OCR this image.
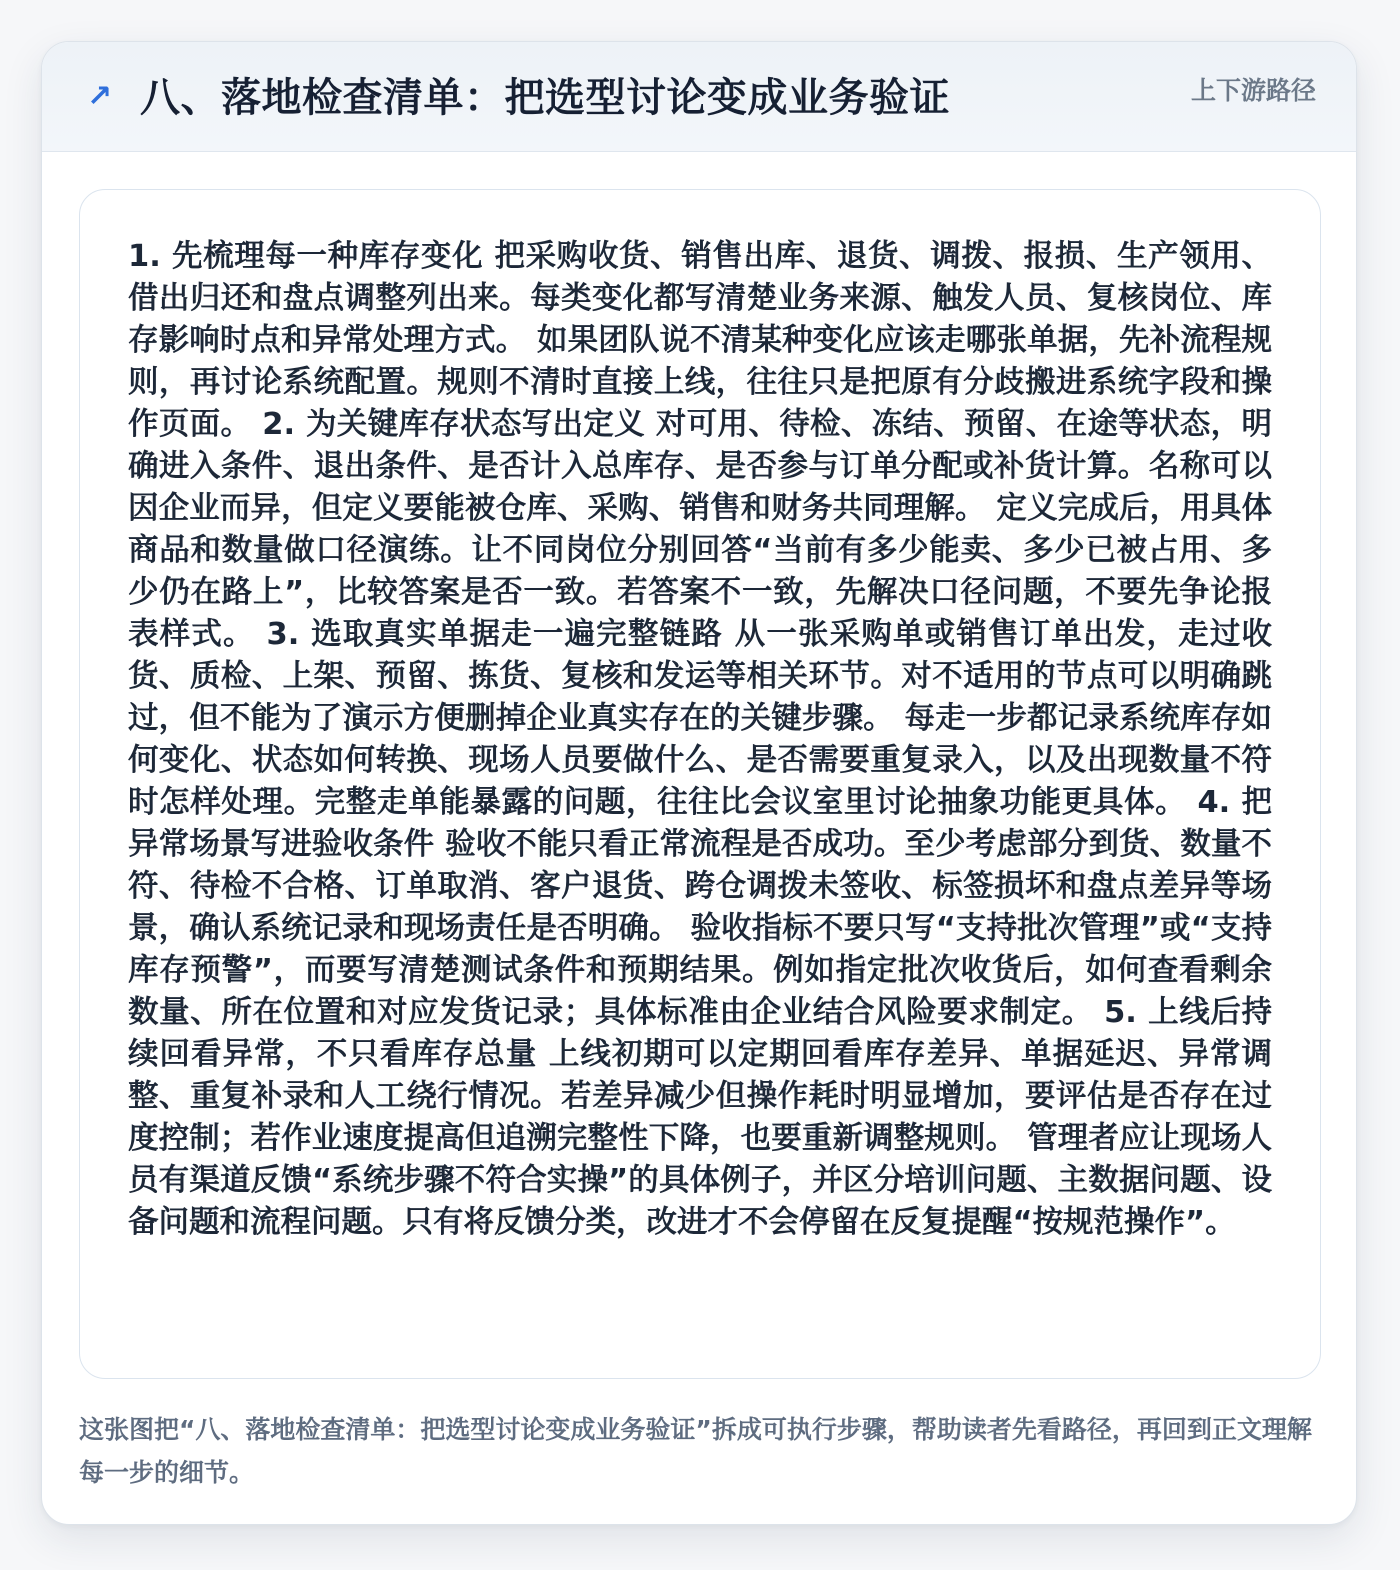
↗ 八、落地检查清单：把选型讨论变成业务验证	上下游路径

1. 先梳理每一种库存变化 把采购收货、销售出库、退货、调拨、报损、生产领用、借出归还和盘点调整列出来。每类变化都写清楚业务来源、触发人员、复核岗位、库存影响时点和异常处理方式。 如果团队说不清某种变化应该走哪张单据，先补流程规则，再讨论系统配置。规则不清时直接上线，往往只是把原有分歧搬进系统字段和操作页面。 2. 为关键库存状态写出定义 对可用、待检、冻结、预留、在途等状态，明确进入条件、退出条件、是否计入总库存、是否参与订单分配或补货计算。名称可以因企业而异，但定义要能被仓库、采购、销售和财务共同理解。 定义完成后，用具体商品和数量做口径演练。让不同岗位分别回答“当前有多少能卖、多少已被占用、多少仍在路上”，比较答案是否一致。若答案不一致，先解决口径问题，不要先争论报表样式。 3. 选取真实单据走一遍完整链路 从一张采购单或销售订单出发，走过收货、质检、上架、预留、拣货、复核和发运等相关环节。对不适用的节点可以明确跳过，但不能为了演示方便删掉企业真实存在的关键步骤。 每走一步都记录系统库存如何变化、状态如何转换、现场人员要做什么、是否需要重复录入，以及出现数量不符时怎样处理。完整走单能暴露的问题，往往比会议室里讨论抽象功能更具体。 4. 把异常场景写进验收条件 验收不能只看正常流程是否成功。至少考虑部分到货、数量不符、待检不合格、订单取消、客户退货、跨仓调拨未签收、标签损坏和盘点差异等场景，确认系统记录和现场责任是否明确。 验收指标不要只写“支持批次管理”或“支持库存预警”，而要写清楚测试条件和预期结果。例如指定批次收货后，如何查看剩余数量、所在位置和对应发货记录；具体标准由企业结合风险要求制定。 5. 上线后持续回看异常，不只看库存总量 上线初期可以定期回看库存差异、单据延迟、异常调整、重复补录和人工绕行情况。若差异减少但操作耗时明显增加，要评估是否存在过度控制；若作业速度提高但追溯完整性下降，也要重新调整规则。 管理者应让现场人员有渠道反馈“系统步骤不符合实操”的具体例子，并区分培训问题、主数据问题、设备问题和流程问题。只有将反馈分类，改进才不会停留在反复提醒“按规范操作”。

这张图把“八、落地检查清单：把选型讨论变成业务验证”拆成可执行步骤，帮助读者先看路径，再回到正文理解每一步的细节。
